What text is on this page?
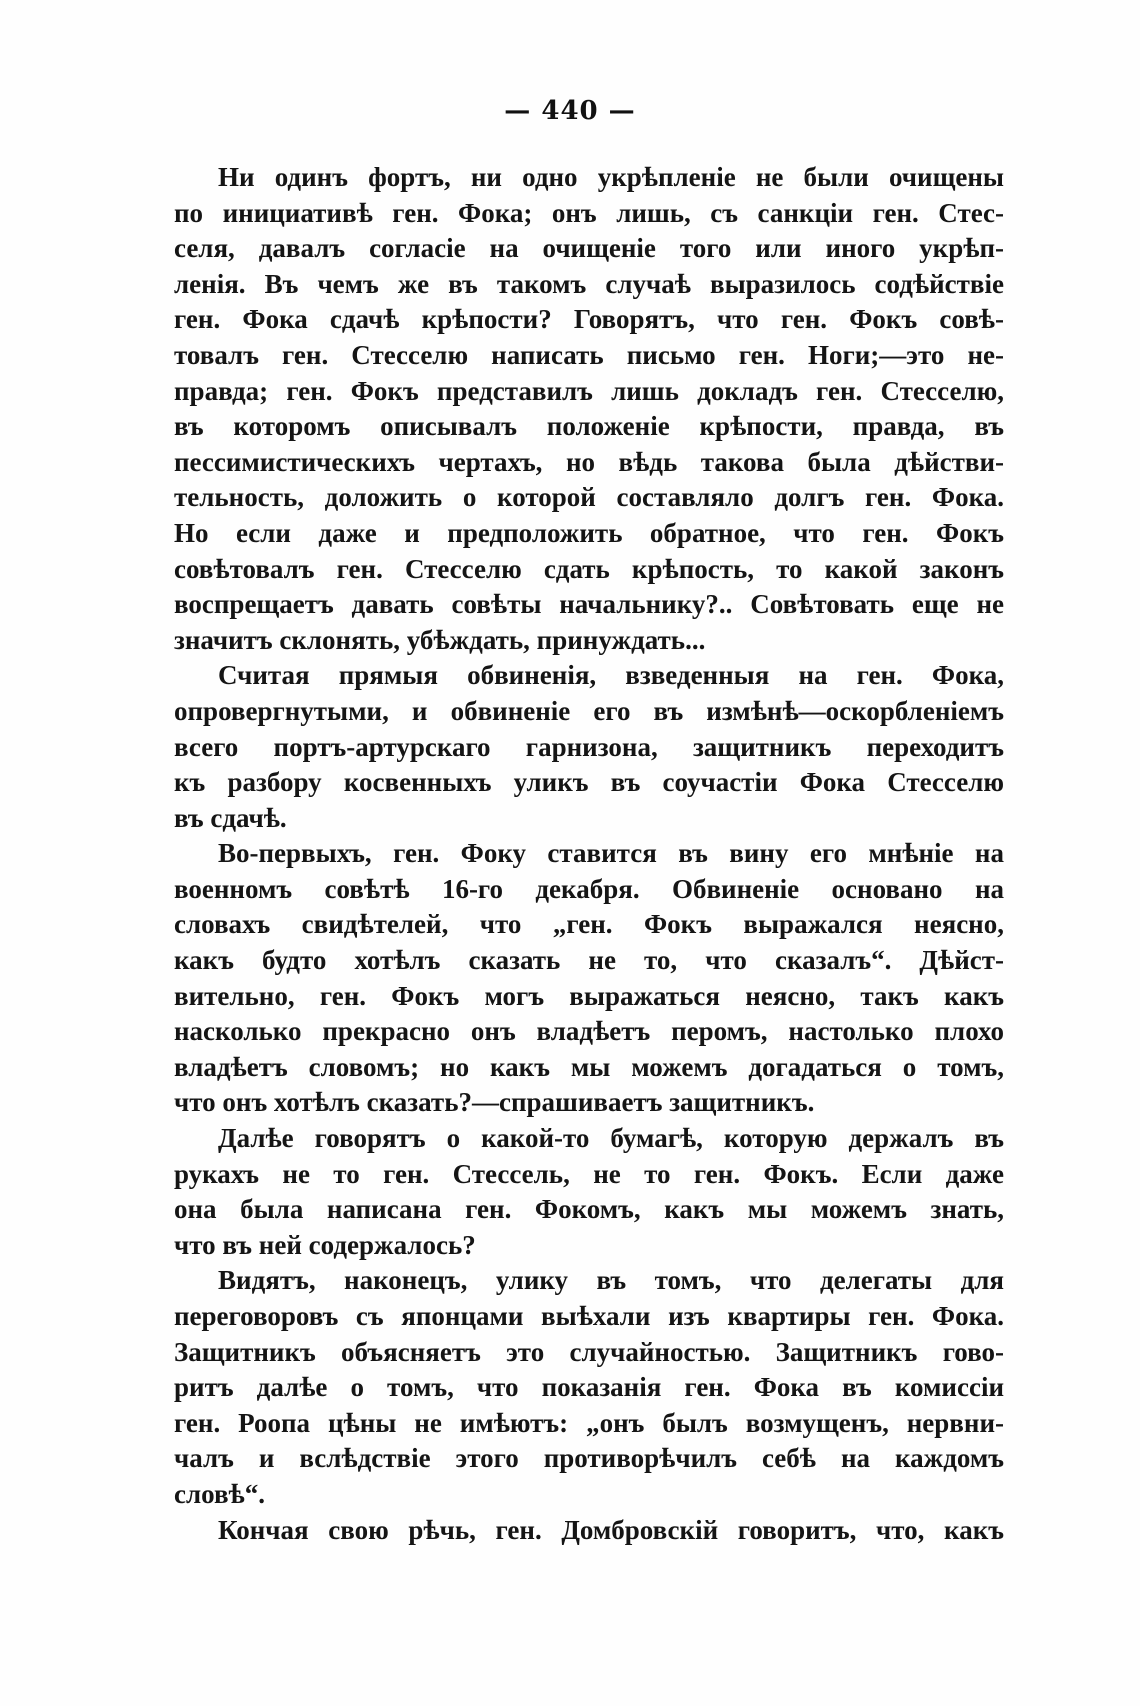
— 440 —
Ни одинъ фортъ, ни одно укрѣпленіе не были очищены
по инициативѣ ген. Фока; онъ лишь, съ санкціи ген. Стес-
селя, давалъ согласіе на очищеніе того или иного укрѣп-
ленія. Въ чемъ же въ такомъ случаѣ выразилось содѣйствіе
ген. Фока сдачѣ крѣпости? Говорятъ, что ген. Фокъ совѣ-
товалъ ген. Стесселю написать письмо ген. Ноги;—это не-
правда; ген. Фокъ представилъ лишь докладъ ген. Стесселю,
въ которомъ описывалъ положеніе крѣпости, правда, въ
пессимистическихъ чертахъ, но вѣдь такова была дѣйстви-
тельность, доложить о которой составляло долгъ ген. Фока.
Но если даже и предположить обратное, что ген. Фокъ
совѣтовалъ ген. Стесселю сдать крѣпость, то какой законъ
воспрещаетъ давать совѣты начальнику?.. Совѣтовать еще не
значитъ склонять, убѣждать, принуждать...
Считая прямыя обвиненія, взведенныя на ген. Фока,
опровергнутыми, и обвиненіе его въ измѣнѣ—оскорбленіемъ
всего портъ-артурскаго гарнизона, защитникъ переходитъ
къ разбору косвенныхъ уликъ въ соучастіи Фока Стесселю
въ сдачѣ.
Во-первыхъ, ген. Фоку ставится въ вину его мнѣніе на
военномъ совѣтѣ 16-го декабря. Обвиненіе основано на
словахъ свидѣтелей, что „ген. Фокъ выражался неясно,
какъ будто хотѣлъ сказать не то, что сказалъ“. Дѣйст-
вительно, ген. Фокъ могъ выражаться неясно, такъ какъ
насколько прекрасно онъ владѣетъ перомъ, настолько плохо
владѣетъ словомъ; но какъ мы можемъ догадаться о томъ,
что онъ хотѣлъ сказать?—спрашиваетъ защитникъ.
Далѣе говорятъ о какой-то бумагѣ, которую держалъ въ
рукахъ не то ген. Стессель, не то ген. Фокъ. Если даже
она была написана ген. Фокомъ, какъ мы можемъ знать,
что въ ней содержалось?
Видятъ, наконецъ, улику въ томъ, что делегаты для
переговоровъ съ японцами выѣхали изъ квартиры ген. Фока.
Защитникъ объясняетъ это случайностью. Защитникъ гово-
ритъ далѣе о томъ, что показанія ген. Фока въ комиссіи
ген. Роопа цѣны не имѣютъ: „онъ былъ возмущенъ, нервни-
чалъ и вслѣдствіе этого противорѣчилъ себѣ на каждомъ
словѣ“.
Кончая свою рѣчь, ген. Домбровскій говоритъ, что, какъ
